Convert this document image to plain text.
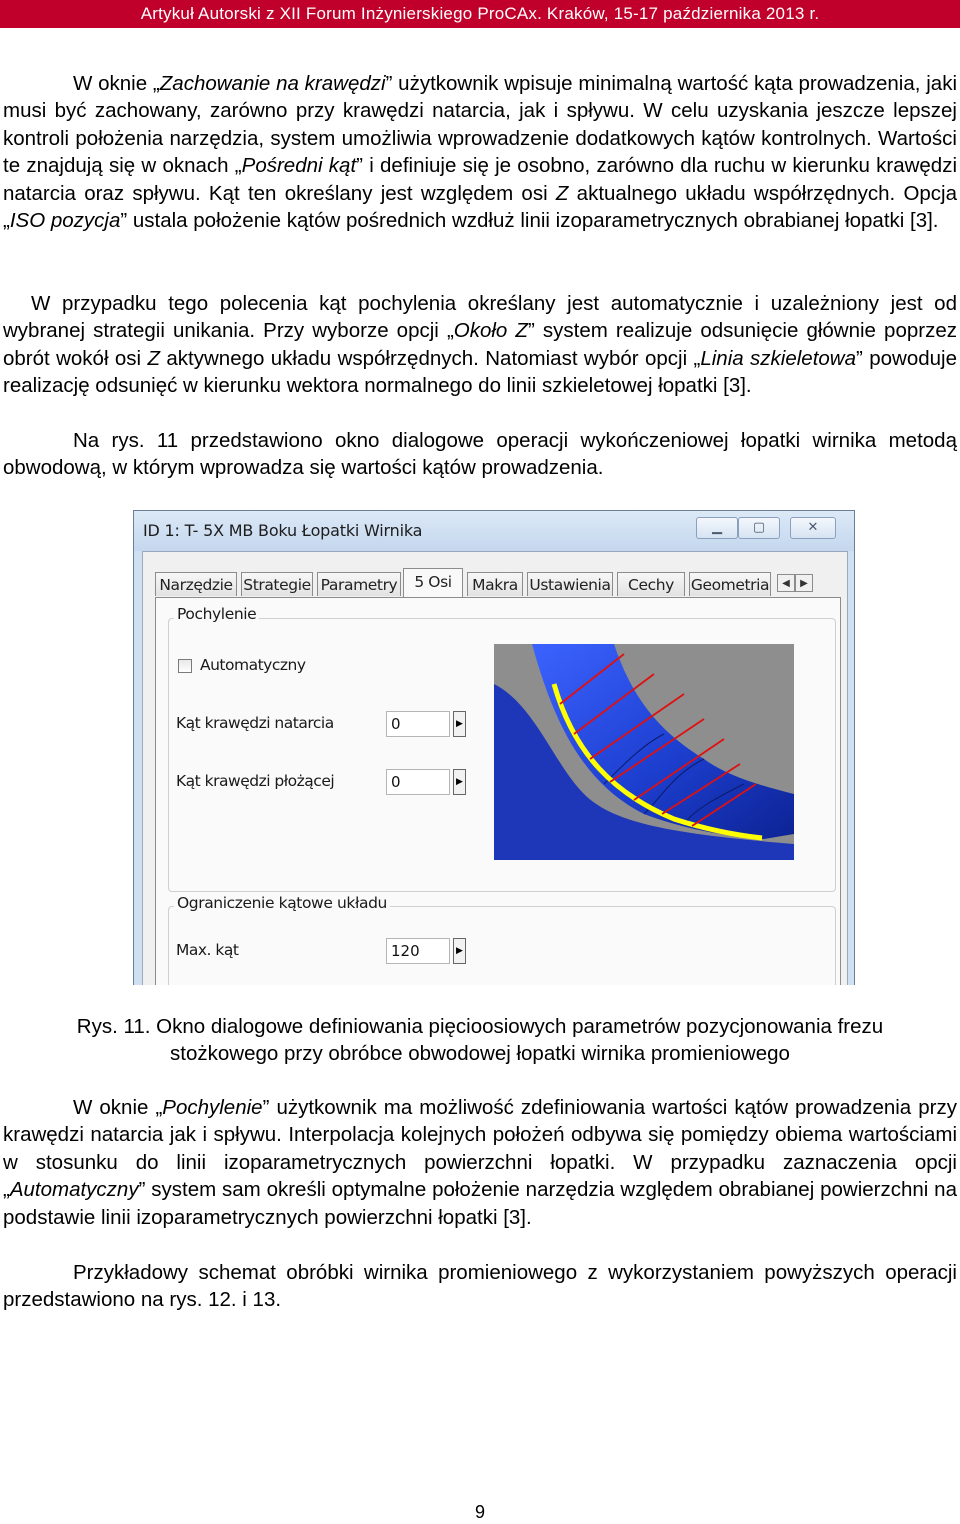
Artykuł Autorski z XII Forum Inżynierskiego ProCAx. Kraków, 15-17 października 2013 r.

W oknie „Zachowanie na krawędzi” użytkownik wpisuje minimalną wartość kąta prowadzenia, jaki musi być zachowany, zarówno przy krawędzi natarcia, jak i spływu. W celu uzyskania jeszcze lepszej kontroli położenia narzędzia, system umożliwia wprowadzenie dodatkowych kątów kontrolnych. Wartości te znajdują się w oknach „Pośredni kąt” i definiuje się je osobno, zarówno dla ruchu w kierunku krawędzi natarcia oraz spływu. Kąt ten określany jest względem osi Z aktualnego układu współrzędnych. Opcja „ISO pozycja” ustala położenie kątów pośrednich wzdłuż linii izoparametrycznych obrabianej łopatki [3].

W przypadku tego polecenia kąt pochylenia określany jest automatycznie i uzależniony jest od wybranej strategii unikania. Przy wyborze opcji „Około Z” system realizuje odsunięcie głównie poprzez obrót wokół osi Z aktywnego układu współrzędnych. Natomiast wybór opcji „Linia szkieletowa” powoduje realizację odsunięć w kierunku wektora normalnego do linii szkieletowej łopatki [3].

Na rys. 11 przedstawiono okno dialogowe operacji wykończeniowej łopatki wirnika metodą obwodową, w którym wprowadza się wartości kątów prowadzenia.

ID 1: T- 5X MB Boku Łopatki Wirnika	▁	▢	✕
Narzędzie Strategie Parametry	5 Osi	Makra Ustawienia	Cechy	Geometria	◀	▶
Pochylenie
Automatyczny
Kąt krawędzi natarcia	0	▶
Kąt krawędzi płożącej	0	▶
Ograniczenie kątowe układu
Max. kąt	120	▶
Rys. 11. Okno dialogowe definiowania pięcioosiowych parametrów pozycjonowania frezu
stożkowego przy obróbce obwodowej łopatki wirnika promieniowego

W oknie „Pochylenie” użytkownik ma możliwość zdefiniowania wartości kątów prowadzenia przy krawędzi natarcia jak i spływu. Interpolacja kolejnych położeń odbywa się pomiędzy obiema wartościami w stosunku do linii izoparametrycznych powierzchni łopatki. W przypadku zaznaczenia opcji „Automatyczny” system sam określi optymalne położenie narzędzia względem obrabianej powierzchni na podstawie linii izoparametrycznych powierzchni łopatki [3].

Przykładowy schemat obróbki wirnika promieniowego z wykorzystaniem powyższych operacji przedstawiono na rys. 12. i 13.

9
